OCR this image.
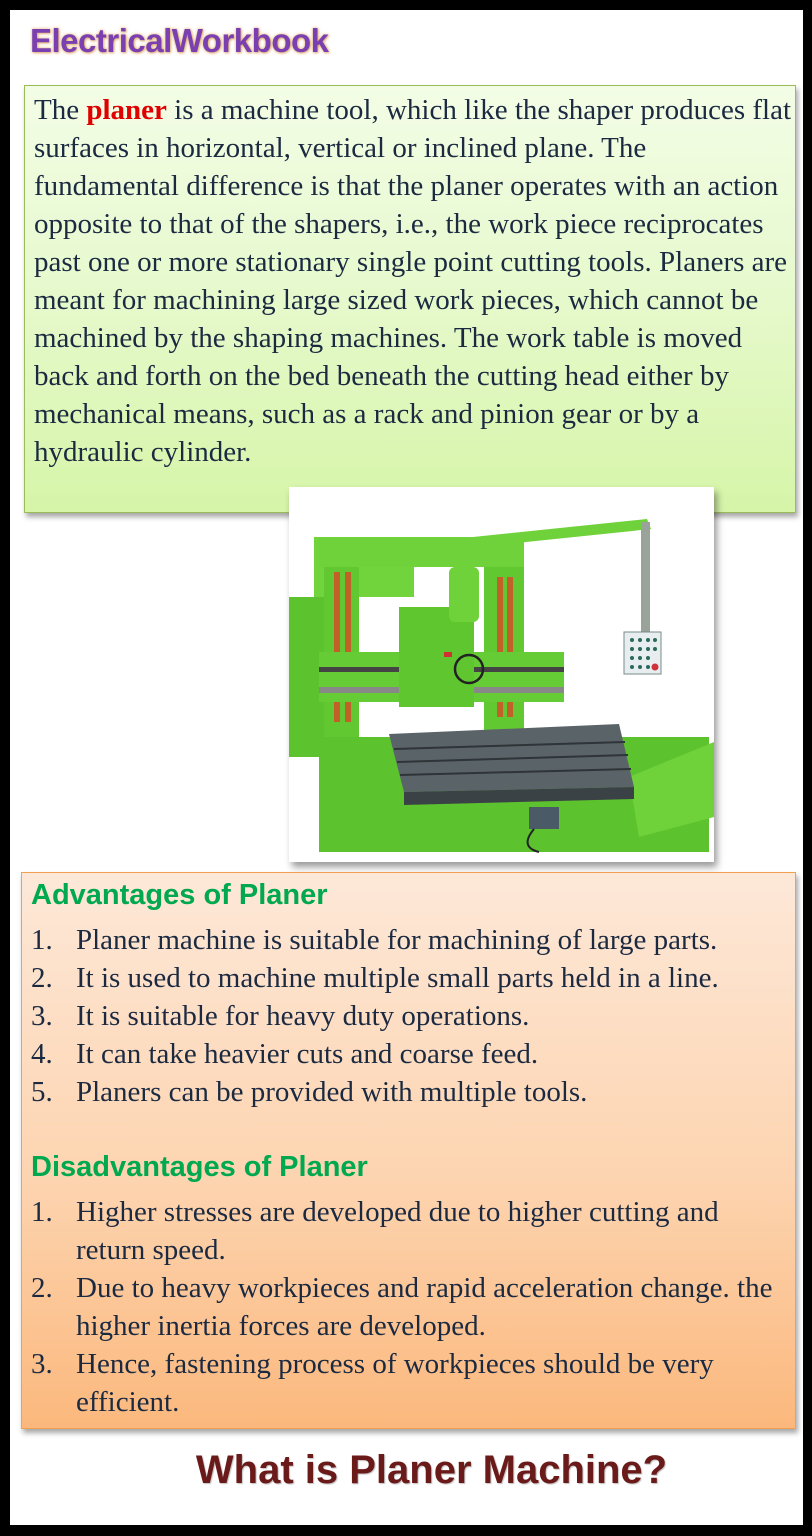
ElectricalWorkbook

The planer is a machine tool, which like the shaper produces flat surfaces in horizontal, vertical or inclined plane. The fundamental difference is that the planer operates with an action opposite to that of the shapers, i.e., the work piece reciprocates past one or more stationary single point cutting tools. Planers are meant for machining large sized work pieces, which cannot be machined by the shaping machines. The work table is moved back and forth on the bed beneath the cutting head either by mechanical means, such as a rack and pinion gear or by a hydraulic cylinder.

Advantages of Planer
1. Planer machine is suitable for machining of large parts.
2. It is used to machine multiple small parts held in a line.
3. It is suitable for heavy duty operations.
4. It can take heavier cuts and coarse feed.
5. Planers can be provided with multiple tools.
Disadvantages of Planer
1. Higher stresses are developed due to higher cutting and return speed.
2. Due to heavy workpieces and rapid acceleration change. the higher inertia forces are developed.
3. Hence, fastening process of workpieces should be very efficient.
What is Planer Machine?
